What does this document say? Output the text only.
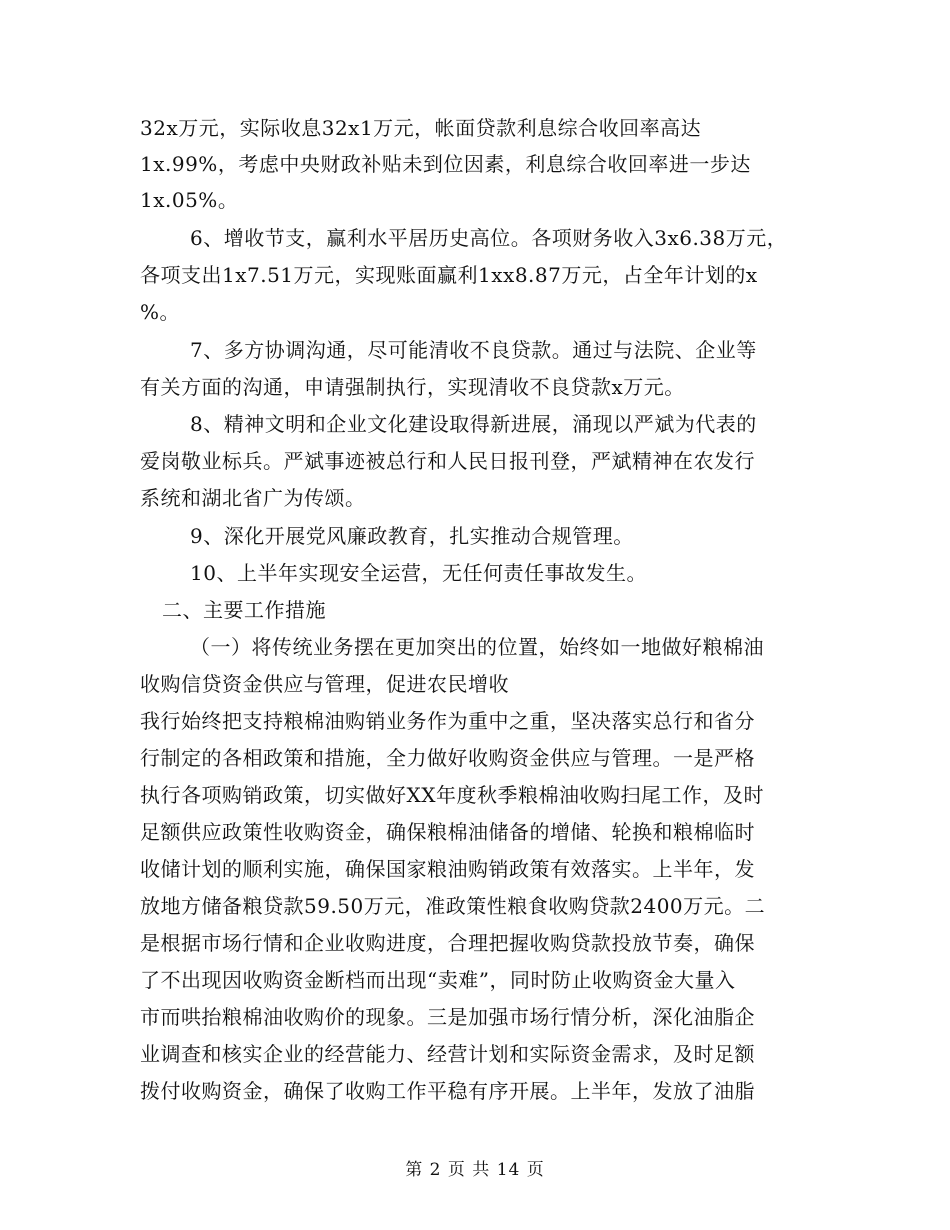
32x万元，实际收息32x1万元，帐面贷款利息综合收回率高达
1x.99%，考虑中央财政补贴未到位因素，利息综合收回率进一步达
1x.05%。
6、增收节支，赢利水平居历史高位。各项财务收入3x6.38万元，
各项支出1x7.51万元，实现账面赢利1xx8.87万元，占全年计划的x
%。
7、多方协调沟通，尽可能清收不良贷款。通过与法院、企业等
有关方面的沟通，申请强制执行，实现清收不良贷款x万元。
8、精神文明和企业文化建设取得新进展，涌现以严斌为代表的
爱岗敬业标兵。严斌事迹被总行和人民日报刊登，严斌精神在农发行
系统和湖北省广为传颂。
9、深化开展党风廉政教育，扎实推动合规管理。
10、上半年实现安全运营，无任何责任事故发生。
二、主要工作措施
（一）将传统业务摆在更加突出的位置，始终如一地做好粮棉油
收购信贷资金供应与管理，促进农民增收
我行始终把支持粮棉油购销业务作为重中之重，坚决落实总行和省分
行制定的各相政策和措施，全力做好收购资金供应与管理。一是严格
执行各项购销政策，切实做好XX年度秋季粮棉油收购扫尾工作，及时
足额供应政策性收购资金，确保粮棉油储备的增储、轮换和粮棉临时
收储计划的顺利实施，确保国家粮油购销政策有效落实。上半年，发
放地方储备粮贷款59.50万元，准政策性粮食收购贷款2400万元。二
是根据市场行情和企业收购进度，合理把握收购贷款投放节奏，确保
了不出现因收购资金断档而出现“卖难”，同时防止收购资金大量入
市而哄抬粮棉油收购价的现象。三是加强市场行情分析，深化油脂企
业调查和核实企业的经营能力、经营计划和实际资金需求，及时足额
拨付收购资金，确保了收购工作平稳有序开展。上半年，发放了油脂
第 2 页 共 14 页
